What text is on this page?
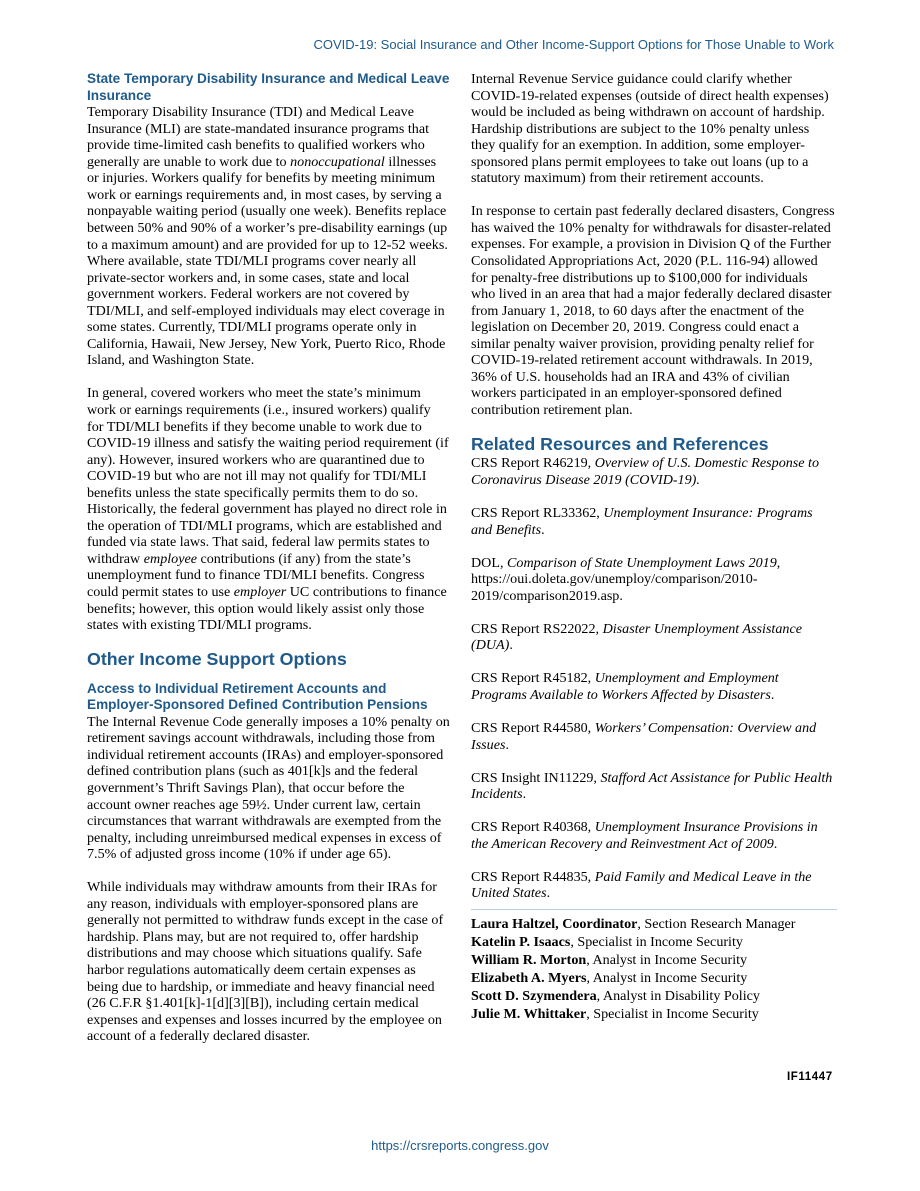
COVID-19: Social Insurance and Other Income-Support Options for Those Unable to Work

State Temporary Disability Insurance and Medical Leave Insurance

Temporary Disability Insurance (TDI) and Medical Leave Insurance (MLI) are state-mandated insurance programs that provide time-limited cash benefits to qualified workers who generally are unable to work due to nonoccupational illnesses or injuries. Workers qualify for benefits by meeting minimum work or earnings requirements and, in most cases, by serving a nonpayable waiting period (usually one week). Benefits replace between 50% and 90% of a worker’s pre-disability earnings (up to a maximum amount) and are provided for up to 12-52 weeks. Where available, state TDI/MLI programs cover nearly all private-sector workers and, in some cases, state and local government workers. Federal workers are not covered by TDI/MLI, and self-employed individuals may elect coverage in some states. Currently, TDI/MLI programs operate only in California, Hawaii, New Jersey, New York, Puerto Rico, Rhode Island, and Washington State.

In general, covered workers who meet the state’s minimum work or earnings requirements (i.e., insured workers) qualify for TDI/MLI benefits if they become unable to work due to COVID-19 illness and satisfy the waiting period requirement (if any). However, insured workers who are quarantined due to COVID-19 but who are not ill may not qualify for TDI/MLI benefits unless the state specifically permits them to do so. Historically, the federal government has played no direct role in the operation of TDI/MLI programs, which are established and funded via state laws. That said, federal law permits states to withdraw employee contributions (if any) from the state’s unemployment fund to finance TDI/MLI benefits. Congress could permit states to use employer UC contributions to finance benefits; however, this option would likely assist only those states with existing TDI/MLI programs.

Other Income Support Options

Access to Individual Retirement Accounts and Employer-Sponsored Defined Contribution Pensions

The Internal Revenue Code generally imposes a 10% penalty on retirement savings account withdrawals, including those from individual retirement accounts (IRAs) and employer-sponsored defined contribution plans (such as 401[k]s and the federal government’s Thrift Savings Plan), that occur before the account owner reaches age 59½. Under current law, certain circumstances that warrant withdrawals are exempted from the penalty, including unreimbursed medical expenses in excess of 7.5% of adjusted gross income (10% if under age 65).

While individuals may withdraw amounts from their IRAs for any reason, individuals with employer-sponsored plans are generally not permitted to withdraw funds except in the case of hardship. Plans may, but are not required to, offer hardship distributions and may choose which situations qualify. Safe harbor regulations automatically deem certain expenses as being due to hardship, or immediate and heavy financial need (26 C.F.R §1.401[k]-1[d][3][B]), including certain medical expenses and expenses and losses incurred by the employee on account of a federally declared disaster.

Internal Revenue Service guidance could clarify whether COVID-19-related expenses (outside of direct health expenses) would be included as being withdrawn on account of hardship. Hardship distributions are subject to the 10% penalty unless they qualify for an exemption. In addition, some employer-sponsored plans permit employees to take out loans (up to a statutory maximum) from their retirement accounts.

In response to certain past federally declared disasters, Congress has waived the 10% penalty for withdrawals for disaster-related expenses. For example, a provision in Division Q of the Further Consolidated Appropriations Act, 2020 (P.L. 116-94) allowed for penalty-free distributions up to $100,000 for individuals who lived in an area that had a major federally declared disaster from January 1, 2018, to 60 days after the enactment of the legislation on December 20, 2019. Congress could enact a similar penalty waiver provision, providing penalty relief for COVID-19-related retirement account withdrawals. In 2019, 36% of U.S. households had an IRA and 43% of civilian workers participated in an employer-sponsored defined contribution retirement plan.

Related Resources and References

CRS Report R46219, Overview of U.S. Domestic Response to Coronavirus Disease 2019 (COVID-19).

CRS Report RL33362, Unemployment Insurance: Programs and Benefits.

DOL, Comparison of State Unemployment Laws 2019, https://oui.doleta.gov/unemploy/comparison/2010-2019/comparison2019.asp.

CRS Report RS22022, Disaster Unemployment Assistance (DUA).

CRS Report R45182, Unemployment and Employment Programs Available to Workers Affected by Disasters.

CRS Report R44580, Workers’ Compensation: Overview and Issues.

CRS Insight IN11229, Stafford Act Assistance for Public Health Incidents.

CRS Report R40368, Unemployment Insurance Provisions in the American Recovery and Reinvestment Act of 2009.

CRS Report R44835, Paid Family and Medical Leave in the United States.

Laura Haltzel, Coordinator, Section Research Manager

Katelin P. Isaacs, Specialist in Income Security

William R. Morton, Analyst in Income Security

Elizabeth A. Myers, Analyst in Income Security

Scott D. Szymendera, Analyst in Disability Policy

Julie M. Whittaker, Specialist in Income Security

IF11447
https://crsreports.congress.gov
